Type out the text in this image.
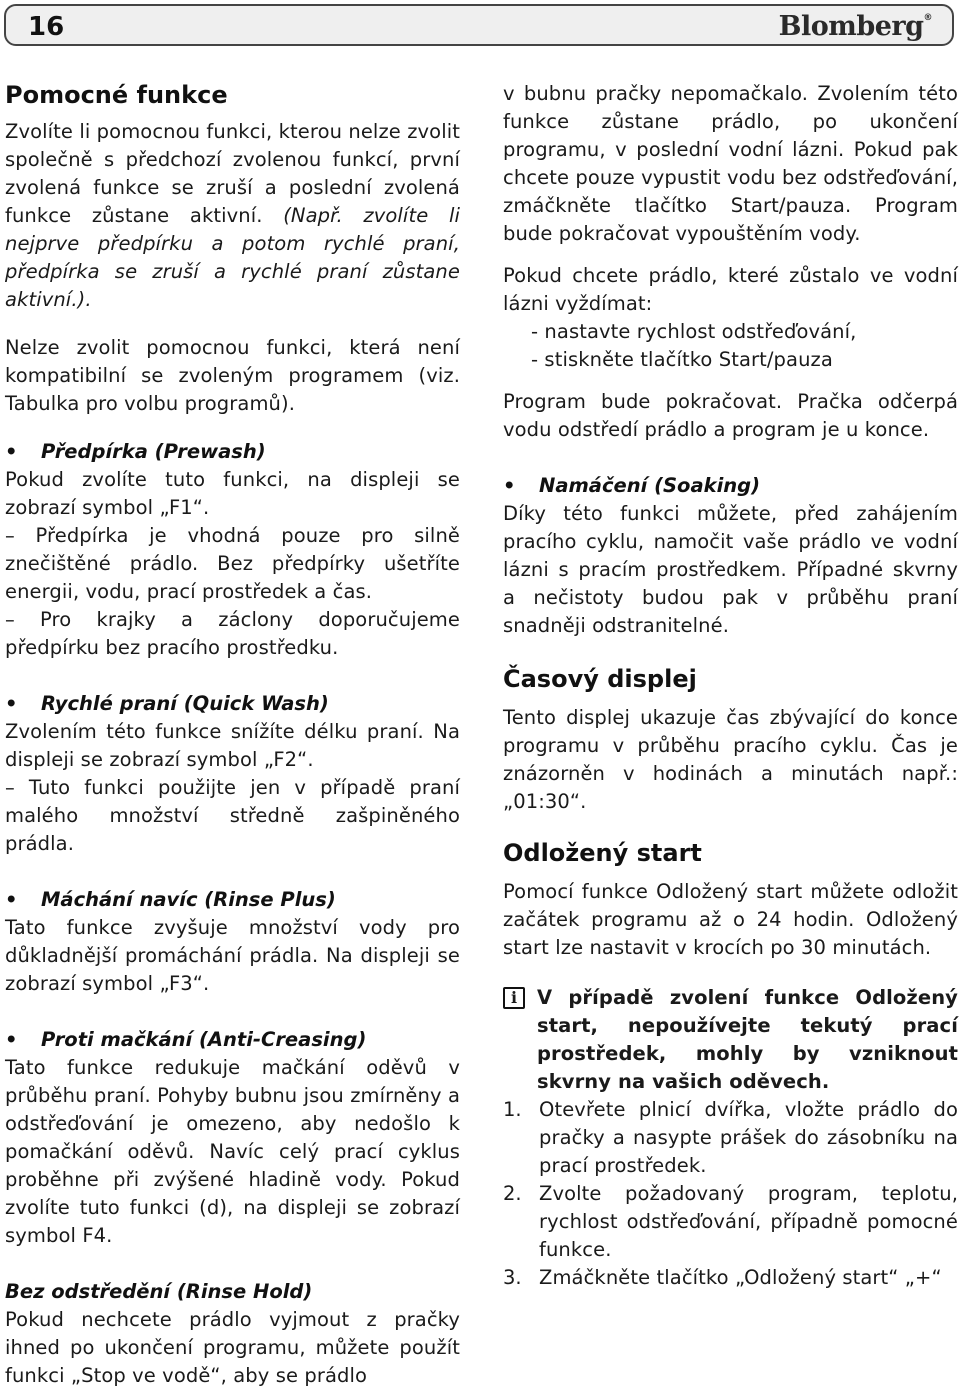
16	Blomberg®
Pomocné funkce

Zvolíte li pomocnou funkci, kterou nelze zvolit společně s předchozí zvolenou funkcí, první zvolená funkce se zruší a poslední zvolená funkce zůstane aktivní. (Např. zvolíte li nejprve předpírku a potom rychlé praní, předpírka se zruší a rychlé praní zůstane aktivní.).

Nelze zvolit pomocnou funkci, která není kompatibilní se zvoleným programem (viz. Tabulka pro volbu programů).

•	Předpírka (Prewash)

Pokud zvolíte tuto funkci, na displeji se zobrazí symbol „F1“.

– Předpírka je vhodná pouze pro silně znečištěné prádlo. Bez předpírky ušetříte energii, vodu, prací prostředek a čas.

– Pro krajky a záclony doporučujeme předpírku bez pracího prostředku.

•	Rychlé praní (Quick Wash)

Zvolením této funkce snížíte délku praní. Na displeji se zobrazí symbol „F2“.

– Tuto funkci použijte jen v případě praní malého množství středně zašpiněného prádla.

•	Máchání navíc (Rinse Plus)

Tato funkce zvyšuje množství vody pro důkladnější promáchání prádla. Na displeji se zobrazí symbol „F3“.

•	Proti mačkání (Anti-Creasing)

Tato funkce redukuje mačkání oděvů v průběhu praní. Pohyby bubnu jsou zmírněny a odstřeďování je omezeno, aby nedošlo k pomačkání oděvů. Navíc celý prací cyklus proběhne při zvýšené hladině vody. Pokud zvolíte tuto funkci (d), na displeji se zobrazí symbol F4.

Bez odstředění (Rinse Hold)

Pokud nechcete prádlo vyjmout z pračky ihned po ukončení programu, můžete použít funkci „Stop ve vodě“, aby se prádlo

v bubnu pračky nepomačkalo. Zvolením této funkce zůstane prádlo, po ukončení programu, v poslední vodní lázni. Pokud pak chcete pouze vypustit vodu bez odstřeďování, zmáčkněte tlačítko Start/pauza. Program bude pokračovat vypouštěním vody.

Pokud chcete prádlo, které zůstalo ve vodní lázni vyždímat:

- nastavte rychlost odstřeďování,

- stiskněte tlačítko Start/pauza

Program bude pokračovat. Pračka odčerpá vodu odstředí prádlo a program je u konce.

•	Namáčení (Soaking)

Díky této funkci můžete, před zahájením pracího cyklu, namočit vaše prádlo ve vodní lázni s pracím prostředkem. Případné skvrny a nečistoty budou pak v průběhu praní snadněji odstranitelné.

Časový displej

Tento displej ukazuje čas zbývající do konce programu v průběhu pracího cyklu. Čas je znázorněn v hodinách a minutách např.: „01:30“.

Odložený start

Pomocí funkce Odložený start můžete odložit začátek programu až o 24 hodin. Odložený start lze nastavit v krocích po 30 minutách.

i	V případě zvolení funkce Odložený start, nepoužívejte tekutý prací prostředek, mohly by vzniknout skvrny na vašich oděvech.

1. Otevřete plnicí dvířka, vložte prádlo do pračky a nasypte prášek do zásobníku na prací prostředek.

2. Zvolte požadovaný program, teplotu, rychlost odstřeďování, případně pomocné funkce.

3. Zmáčkněte tlačítko „Odložený start“ „+“
